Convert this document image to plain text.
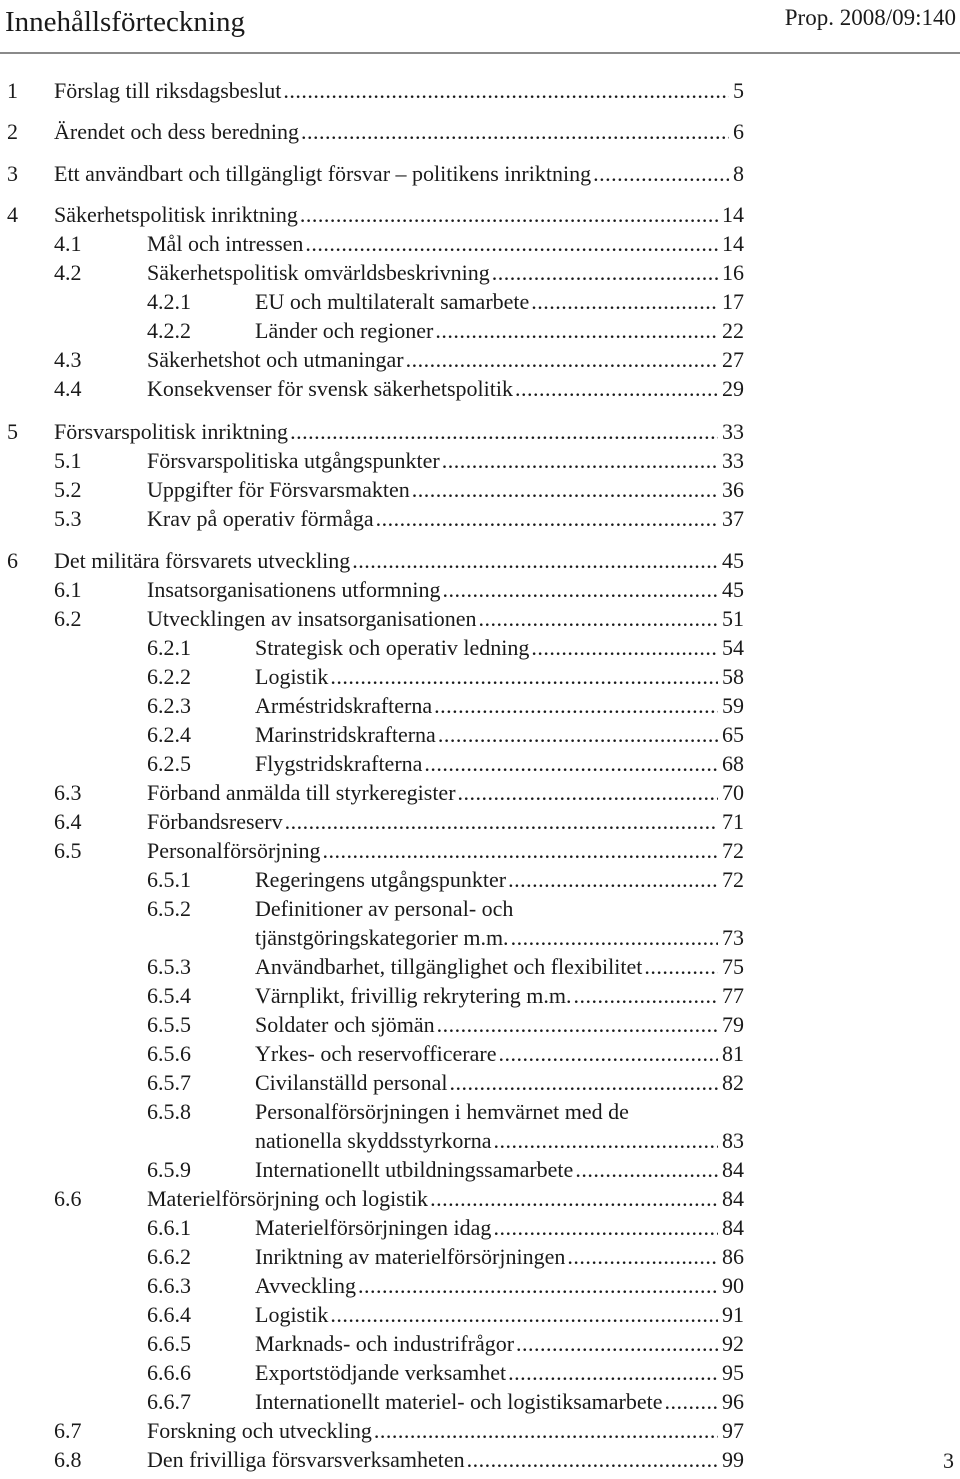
Innehållsförteckning	Prop. 2008/09:140
1 Förslag till riksdagsbeslut .....	5
2 Ärendet och dess beredning .....	6
3 Ett användbart och tillgängligt försvar – politikens inriktning .....	8
4 Säkerhetspolitisk inriktning .....	14
4.1	Mål och intressen .....	14
4.2	Säkerhetspolitisk omvärldsbeskrivning .....	16
4.2.1	EU och multilateralt samarbete .....	17
4.2.2	Länder och regioner .....	22
4.3	Säkerhetshot och utmaningar .....	27
4.4	Konsekvenser för svensk säkerhetspolitik .....	29
5 Försvarspolitisk inriktning .....	33
5.1	Försvarspolitiska utgångspunkter .....	33
5.2	Uppgifter för Försvarsmakten .....	36
5.3	Krav på operativ förmåga .....	37
6 Det militära försvarets utveckling .....	45
6.1	Insatsorganisationens utformning .....	45
6.2	Utvecklingen av insatsorganisationen .....	51
6.2.1	Strategisk och operativ ledning .....	54
6.2.2	Logistik .....	58
6.2.3	Arméstridskrafterna .....	59
6.2.4	Marinstridskrafterna .....	65
6.2.5	Flygstridskrafterna .....	68
6.3	Förband anmälda till styrkeregister .....	70
6.4	Förbandsreserv .....	71
6.5	Personalförsörjning .....	72
6.5.1	Regeringens utgångspunkter .....	72
6.5.2	Definitioner av personal- och
tjänstgöringskategorier m.m. .....	73
6.5.3	Användbarhet, tillgänglighet och flexibilitet .....	75
6.5.4	Värnplikt, frivillig rekrytering m.m. .....	77
6.5.5	Soldater och sjömän .....	79
6.5.6	Yrkes- och reservofficerare .....	81
6.5.7	Civilanställd personal .....	82
6.5.8	Personalförsörjningen i hemvärnet med de
nationella skyddsstyrkorna .....	83
6.5.9	Internationellt utbildningssamarbete .....	84
6.6	Materielförsörjning och logistik .....	84
6.6.1	Materielförsörjningen idag .....	84
6.6.2	Inriktning av materielförsörjningen .....	86
6.6.3	Avveckling .....	90
6.6.4	Logistik .....	91
6.6.5	Marknads- och industrifrågor .....	92
6.6.6	Exportstödjande verksamhet .....	95
6.6.7	Internationellt materiel- och logistiksamarbete .....	96
6.7	Forskning och utveckling .....	97
6.8	Den frivilliga försvarsverksamheten .....	99	3
